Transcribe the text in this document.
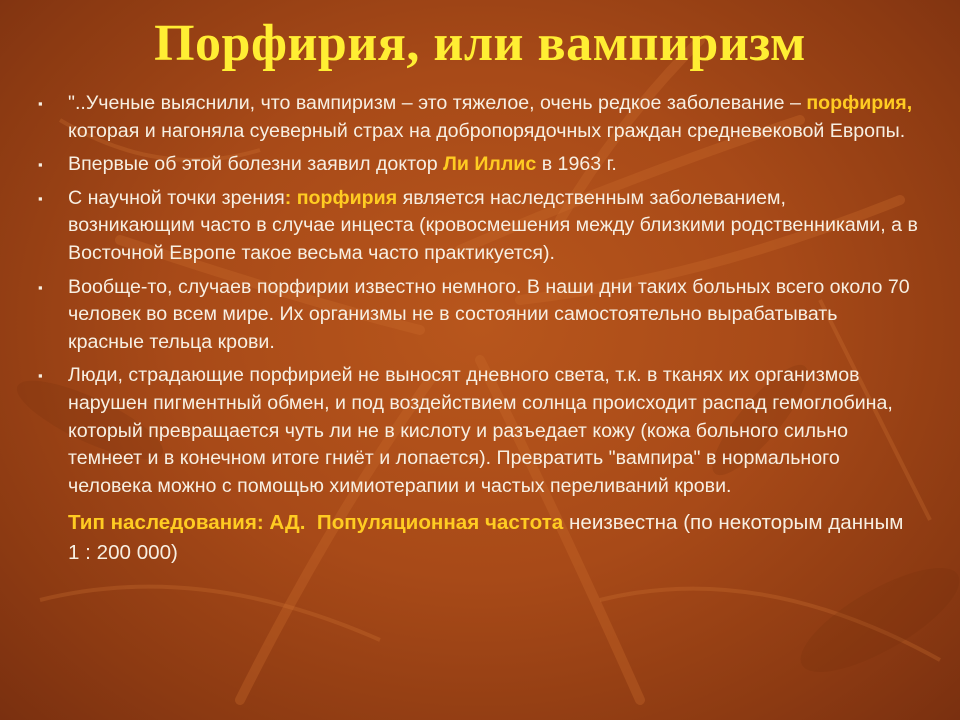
Порфирия, или вампиризм
▪ "..Ученые выяснили, что вампиризм – это тяжелое, очень редкое заболевание – порфирия, которая и нагоняла суеверный страх на добропорядочных граждан средневековой Европы.
▪ Впервые об этой болезни заявил доктор Ли Иллис в 1963 г.
▪ С научной точки зрения: порфирия является наследственным заболеванием, возникающим часто в случае инцеста (кровосмешения между близкими родственниками, а в Восточной Европе такое весьма часто практикуется).
▪ Вообще-то, случаев порфирии известно немного. В наши дни таких больных всего около 70 человек во всем мире. Их организмы не в состоянии самостоятельно вырабатывать красные тельца крови.
▪ Люди, страдающие порфирией не выносят дневного света, т.к. в тканях их организмов нарушен пигментный обмен, и под воздействием солнца происходит распад гемоглобина, который превращается чуть ли не в кислоту и разъедает кожу (кожа больного сильно темнеет и в конечном итоге гниёт и лопается). Превратить "вампира" в нормального человека можно с помощью химиотерапии и частых переливаний крови.
Тип наследования: АД. Популяционная частота неизвестна (по некоторым данным 1 : 200 000)
